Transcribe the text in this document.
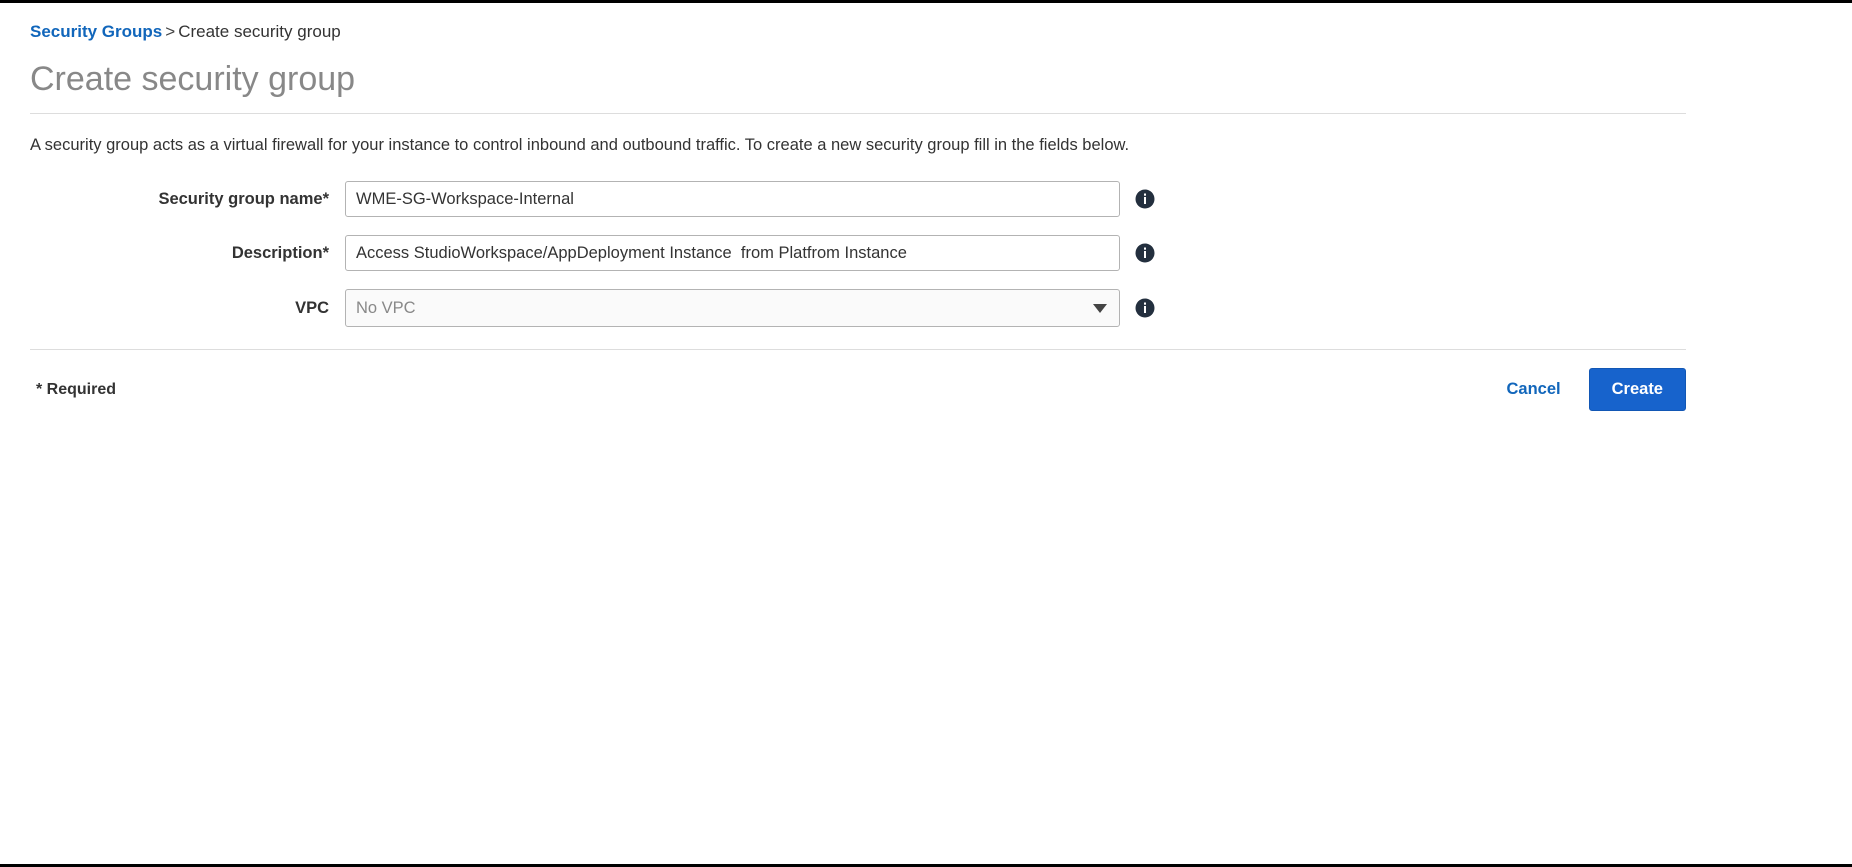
Security Groups > Create security group
Create security group

A security group acts as a virtual firewall for your instance to control inbound and outbound traffic. To create a new security group fill in the fields below.

Security group name*
WME-SG-Workspace-Internal
Description*
Access StudioWorkspace/AppDeployment Instance from Platfrom Instance
VPC	No VPC
* Required	Cancel	Create
